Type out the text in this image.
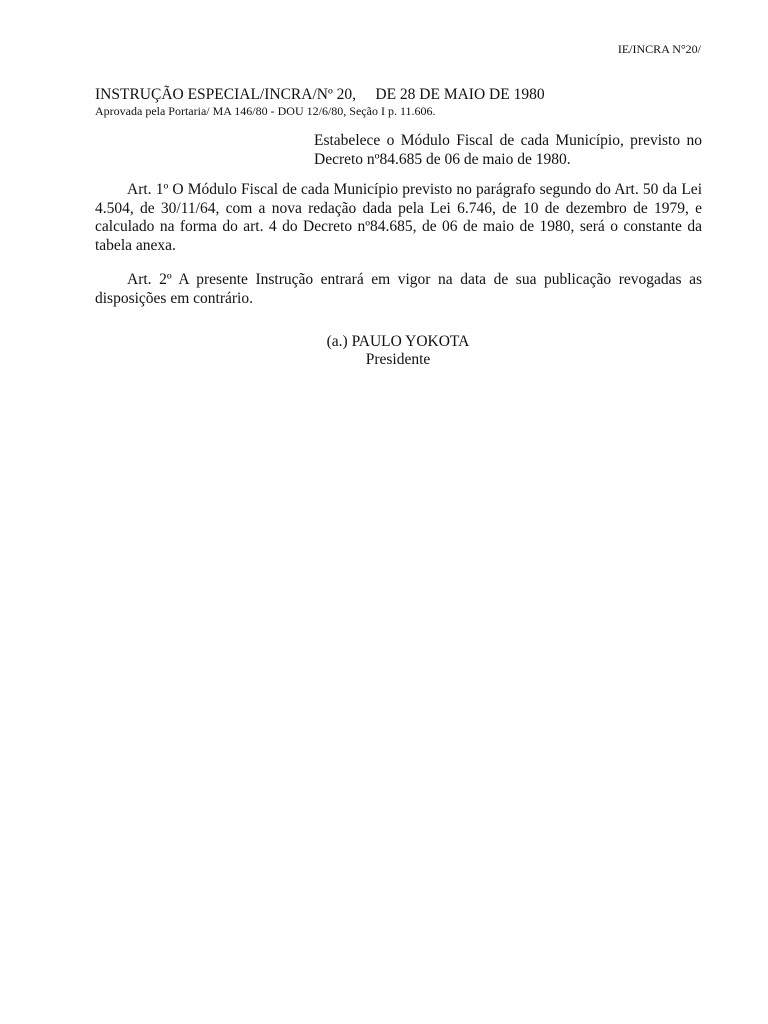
IE/INCRA N°20/
INSTRUÇÃO ESPECIAL/INCRA/Nº 20,     DE 28 DE MAIO DE 1980
Aprovada pela Portaria/ MA 146/80 - DOU 12/6/80, Seção I p. 11.606.
Estabelece o Módulo Fiscal de cada Município, previsto no Decreto nº84.685 de 06 de maio de 1980.

Art. 1º O Módulo Fiscal de cada Município previsto no parágrafo segundo do Art. 50 da Lei 4.504, de 30/11/64, com a nova redação dada pela Lei 6.746, de 10 de dezembro de 1979, e calculado na forma do art. 4 do Decreto nº84.685, de 06 de maio de 1980, será o constante da tabela anexa.

Art. 2º A presente Instrução entrará em vigor na data de sua publicação revogadas as disposições em contrário.

(a.) PAULO YOKOTA
Presidente
